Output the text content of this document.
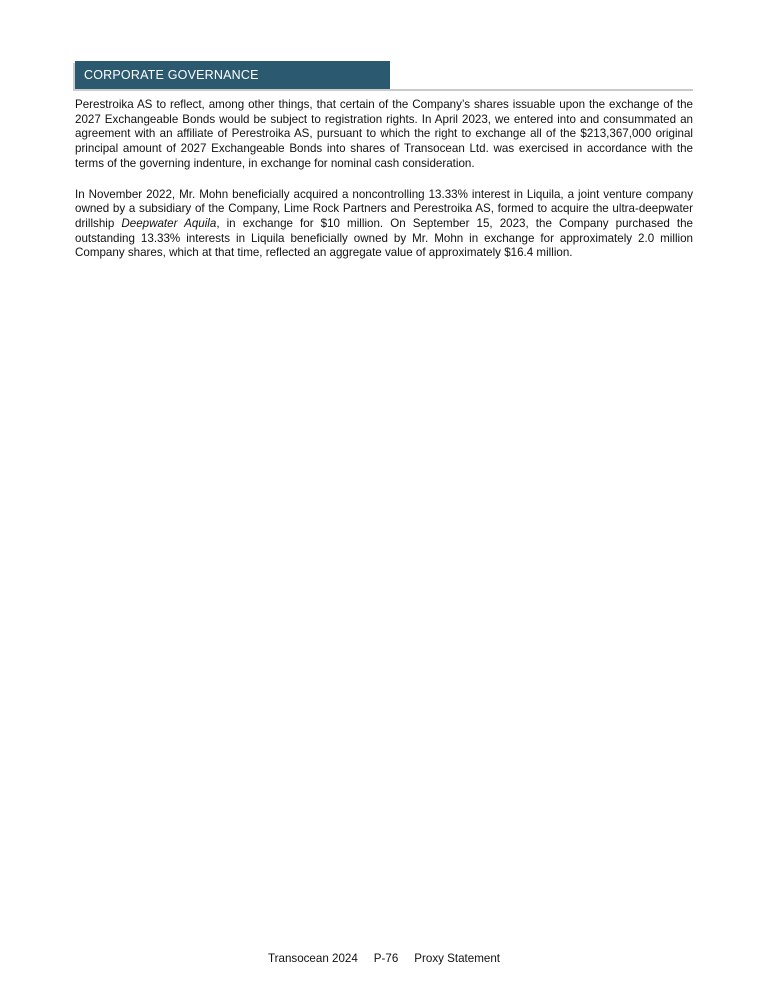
CORPORATE GOVERNANCE

Perestroika AS to reflect, among other things, that certain of the Company’s shares issuable upon the exchange of the 2027 Exchangeable Bonds would be subject to registration rights. In April 2023, we entered into and consummated an agreement with an affiliate of Perestroika AS, pursuant to which the right to exchange all of the $213,367,000 original principal amount of 2027 Exchangeable Bonds into shares of Transocean Ltd. was exercised in accordance with the terms of the governing indenture, in exchange for nominal cash consideration.

In November 2022, Mr. Mohn beneficially acquired a noncontrolling 13.33% interest in Liquila, a joint venture company owned by a subsidiary of the Company, Lime Rock Partners and Perestroika AS, formed to acquire the ultra-deepwater drillship Deepwater Aquila, in exchange for $10 million. On September 15, 2023, the Company purchased the outstanding 13.33% interests in Liquila beneficially owned by Mr. Mohn in exchange for approximately 2.0 million Company shares, which at that time, reflected an aggregate value of approximately $16.4 million.

Transocean 2024 P-76 Proxy Statement
